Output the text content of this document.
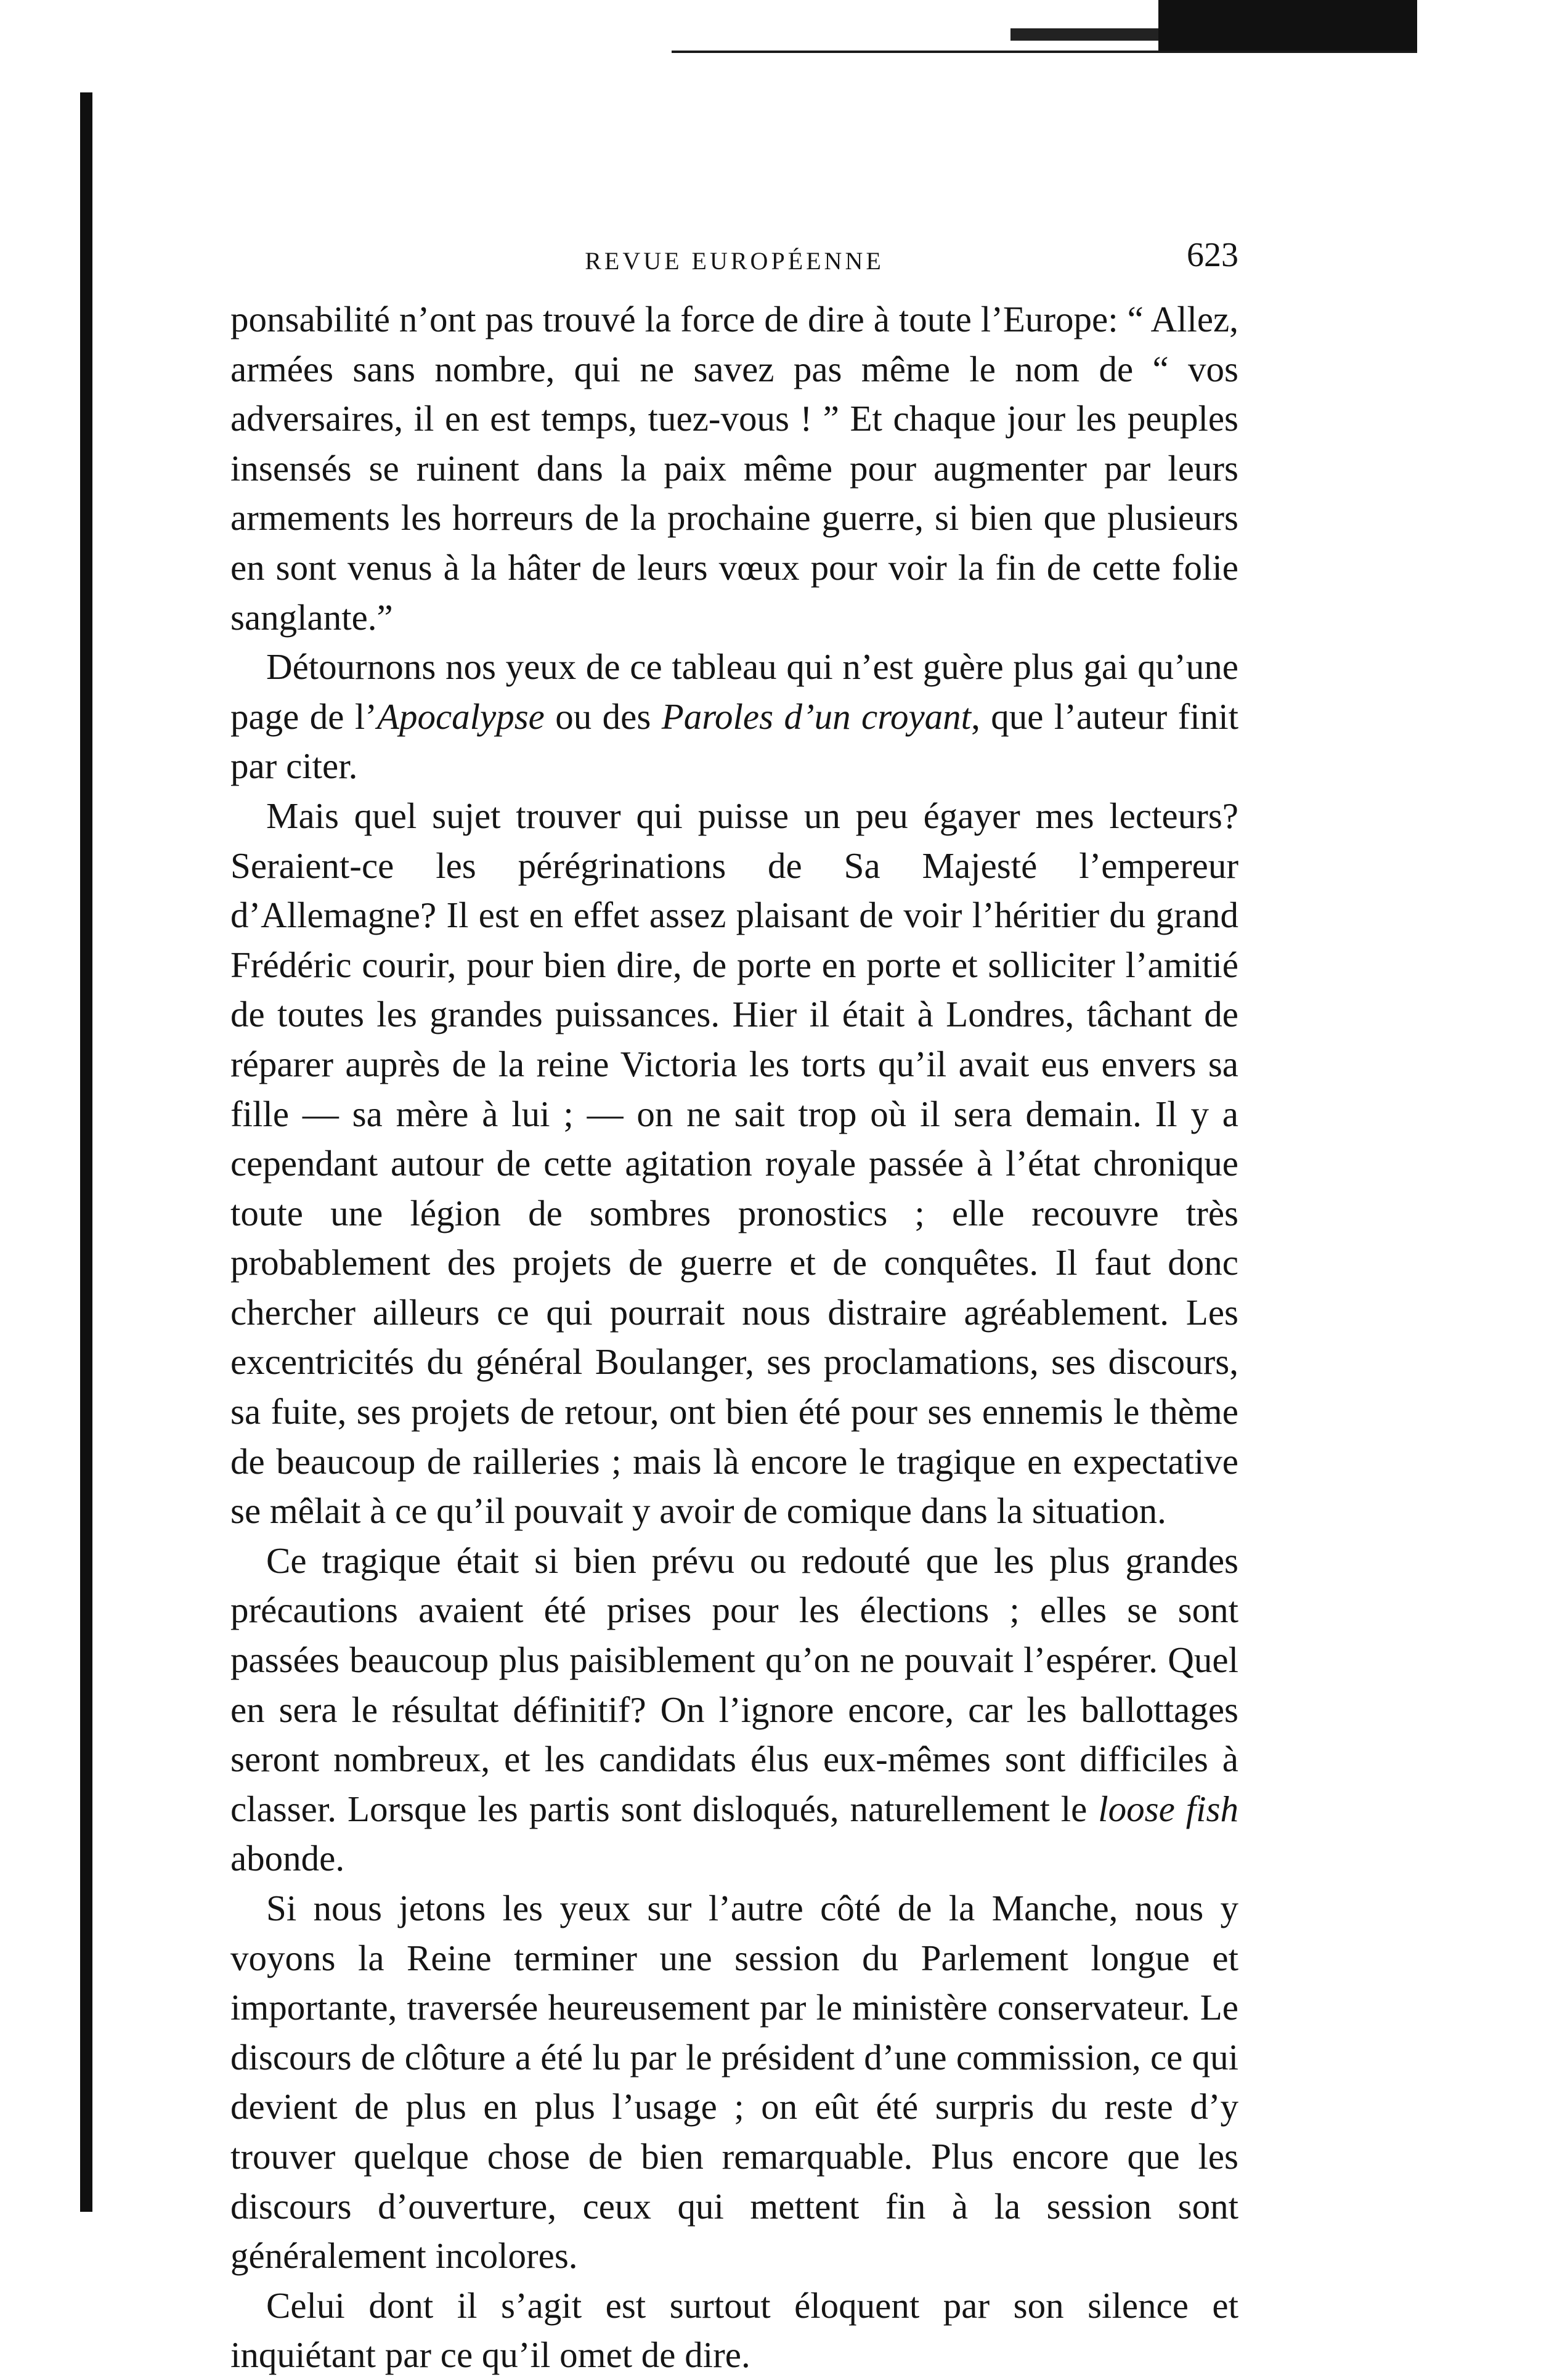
REVUE EUROPÉENNE	623

ponsabilité n’ont pas trouvé la force de dire à toute l’Europe: “ Allez, armées sans nombre, qui ne savez pas même le nom de “ vos adversaires, il en est temps, tuez-vous ! ” Et chaque jour les peuples insensés se ruinent dans la paix même pour augmenter par leurs armements les horreurs de la prochaine guerre, si bien que plusieurs en sont venus à la hâter de leurs vœux pour voir la fin de cette folie sanglante.”

Détournons nos yeux de ce tableau qui n’est guère plus gai qu’une page de l’Apocalypse ou des Paroles d’un croyant, que l’auteur finit par citer.

Mais quel sujet trouver qui puisse un peu égayer mes lecteurs? Seraient-ce les pérégrinations de Sa Majesté l’empereur d’Allemagne? Il est en effet assez plaisant de voir l’héritier du grand Frédéric courir, pour bien dire, de porte en porte et solliciter l’amitié de toutes les grandes puissances. Hier il était à Londres, tâchant de réparer auprès de la reine Victoria les torts qu’il avait eus envers sa fille — sa mère à lui ; — on ne sait trop où il sera demain. Il y a cependant autour de cette agitation royale passée à l’état chronique toute une légion de sombres pronostics ; elle recouvre très probablement des projets de guerre et de conquêtes. Il faut donc chercher ailleurs ce qui pourrait nous distraire agréablement. Les excentricités du général Boulanger, ses proclamations, ses discours, sa fuite, ses projets de retour, ont bien été pour ses ennemis le thème de beaucoup de railleries ; mais là encore le tragique en expectative se mêlait à ce qu’il pouvait y avoir de comique dans la situation.

Ce tragique était si bien prévu ou redouté que les plus grandes précautions avaient été prises pour les élections ; elles se sont passées beaucoup plus paisiblement qu’on ne pouvait l’espérer. Quel en sera le résultat définitif? On l’ignore encore, car les ballottages seront nombreux, et les candidats élus eux-mêmes sont difficiles à classer. Lorsque les partis sont disloqués, naturellement le loose fish abonde.

Si nous jetons les yeux sur l’autre côté de la Manche, nous y voyons la Reine terminer une session du Parlement longue et importante, traversée heureusement par le ministère conservateur. Le discours de clôture a été lu par le président d’une commission, ce qui devient de plus en plus l’usage ; on eût été surpris du reste d’y trouver quelque chose de bien remarquable. Plus encore que les discours d’ouverture, ceux qui mettent fin à la session sont généralement incolores.

Celui dont il s’agit est surtout éloquent par son silence et inquiétant par ce qu’il omet de dire.
